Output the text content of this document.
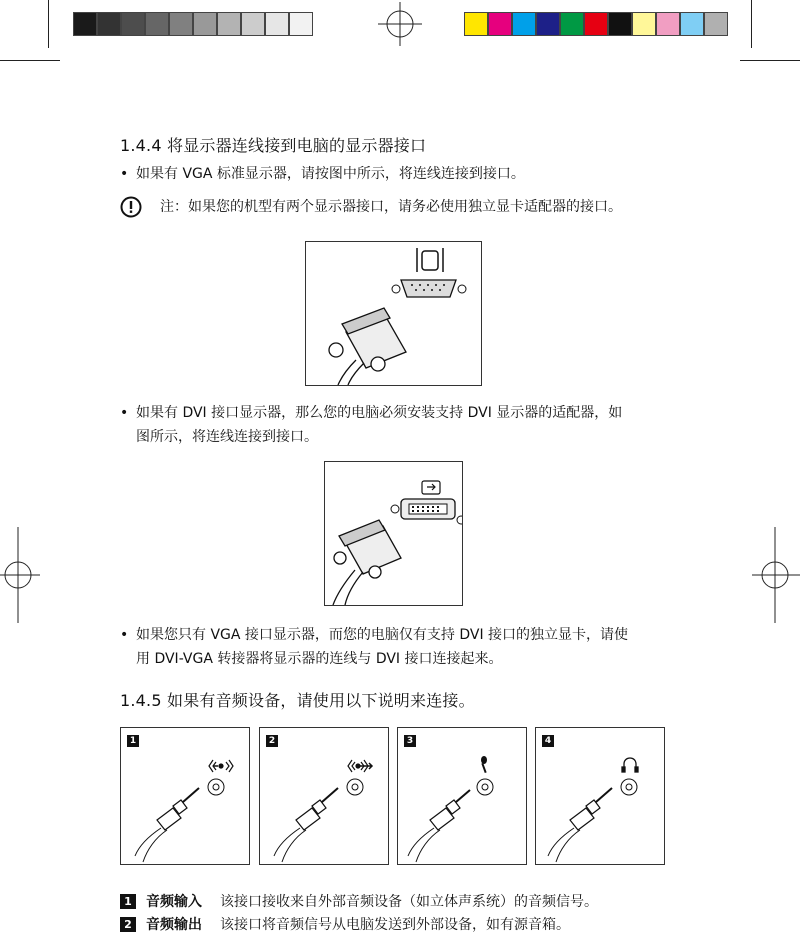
1.4.4 将显示器连线接到电脑的显示器接口
• 如果有 VGA 标准显示器，请按图中所示，将连线连接到接口。
注：如果您的机型有两个显示器接口，请务必使用独立显卡适配器的接口。
• 如果有 DVI 接口显示器，那么您的电脑必须安装支持 DVI 显示器的适配器，如
图所示，将连线连接到接口。
• 如果您只有 VGA 接口显示器，而您的电脑仅有支持 DVI 接口的独立显卡，请使
用 DVI-VGA 转接器将显示器的连线与 DVI 接口连接起来。
1.4.5 如果有音频设备，请使用以下说明来连接。
1	2	3	4
1 音频输入 该接口接收来自外部音频设备（如立体声系统）的音频信号。
2 音频输出 该接口将音频信号从电脑发送到外部设备，如有源音箱。
